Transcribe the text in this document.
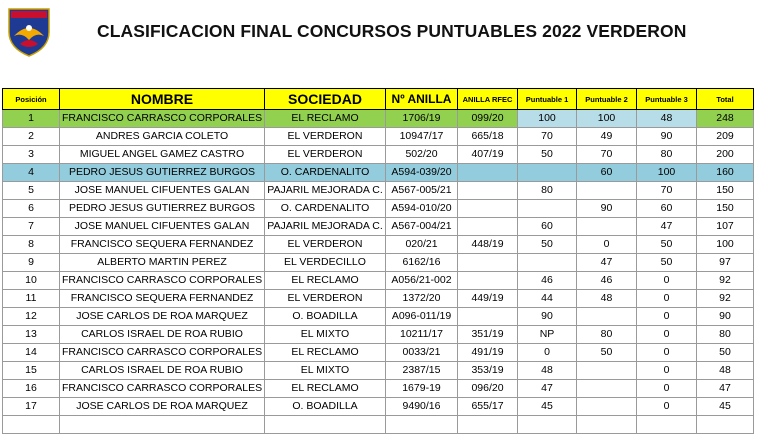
CLASIFICACION FINAL CONCURSOS PUNTUABLES 2022 VERDERON
Posición	NOMBRE	SOCIEDAD	Nº ANILLA	ANILLA RFEC	Puntuable 1	Puntuable 2	Puntuable 3	Total
1	FRANCISCO CARRASCO CORPORALES	EL RECLAMO	1706/19	099/20	100	100	48	248
2	ANDRES GARCIA COLETO	EL VERDERON	10947/17	665/18	70	49	90	209
3	MIGUEL ANGEL GAMEZ CASTRO	EL VERDERON	502/20	407/19	50	70	80	200
4	PEDRO JESUS GUTIERREZ BURGOS	O. CARDENALITO	A594-039/20			60	100	160
5	JOSE MANUEL CIFUENTES GALAN	PAJARIL MEJORADA C.	A567-005/21		80		70	150
6	PEDRO JESUS GUTIERREZ BURGOS	O. CARDENALITO	A594-010/20			90	60	150
7	JOSE MANUEL CIFUENTES GALAN	PAJARIL MEJORADA C.	A567-004/21		60		47	107
8	FRANCISCO SEQUERA FERNANDEZ	EL VERDERON	020/21	448/19	50	0	50	100
9	ALBERTO MARTIN PEREZ	EL VERDECILLO	6162/16			47	50	97
10	FRANCISCO CARRASCO CORPORALES	EL RECLAMO	A056/21-002		46	46	0	92
11	FRANCISCO SEQUERA FERNANDEZ	EL VERDERON	1372/20	449/19	44	48	0	92
12	JOSE CARLOS DE ROA MARQUEZ	O. BOADILLA	A096-011/19		90		0	90
13	CARLOS ISRAEL DE ROA RUBIO	EL MIXTO	10211/17	351/19	NP	80	0	80
14	FRANCISCO CARRASCO CORPORALES	EL RECLAMO	0033/21	491/19	0	50	0	50
15	CARLOS ISRAEL DE ROA RUBIO	EL MIXTO	2387/15	353/19	48		0	48
16	FRANCISCO CARRASCO CORPORALES	EL RECLAMO	1679-19	096/20	47		0	47
17	JOSE CARLOS DE ROA MARQUEZ	O. BOADILLA	9490/16	655/17	45		0	45
